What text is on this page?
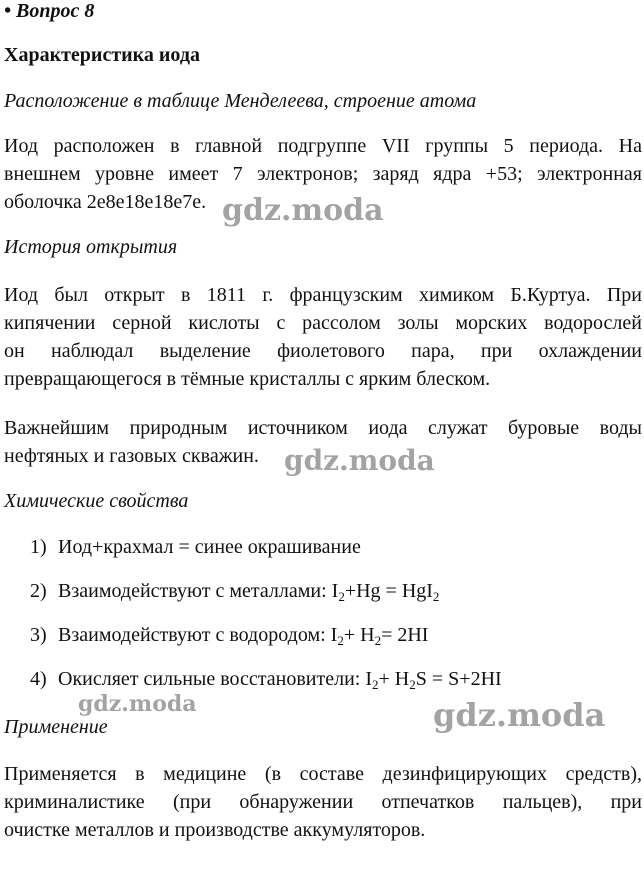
• Вопрос 8
Характеристика иода
Расположение в таблице Менделеева, строение атома
Иод расположен в главной подгруппе VII группы 5 периода. На
внешнем уровне имеет 7 электронов; заряд ядра +53; электронная
оболочка 2е8е18е18е7е.
История открытия
Иод был открыт в 1811 г. французским химиком Б.Куртуа. При
кипячении серной кислоты с рассолом золы морских водорослей
он наблюдал выделение фиолетового пара, при охлаждении
превращающегося в тёмные кристаллы с ярким блеском.
Важнейшим природным источником иода служат буровые воды
нефтяных и газовых скважин.
Химические свойства
1) Иод+крахмал = синее окрашивание
2) Взаимодействуют с металлами: $I_2+Hg = HgI_2$
3) Взаимодействуют с водородом: $I_2+ H_2= 2HI$
4) Окисляет сильные восстановители: $I_2+ H_2S = S+2HI$
Применение
Применяется в медицине (в составе дезинфицирующих средств),
криминалистике (при обнаружении отпечатков пальцев), при
очистке металлов и производстве аккумуляторов.
gdz.moda
gdz.moda
gdz.moda	gdz.moda
